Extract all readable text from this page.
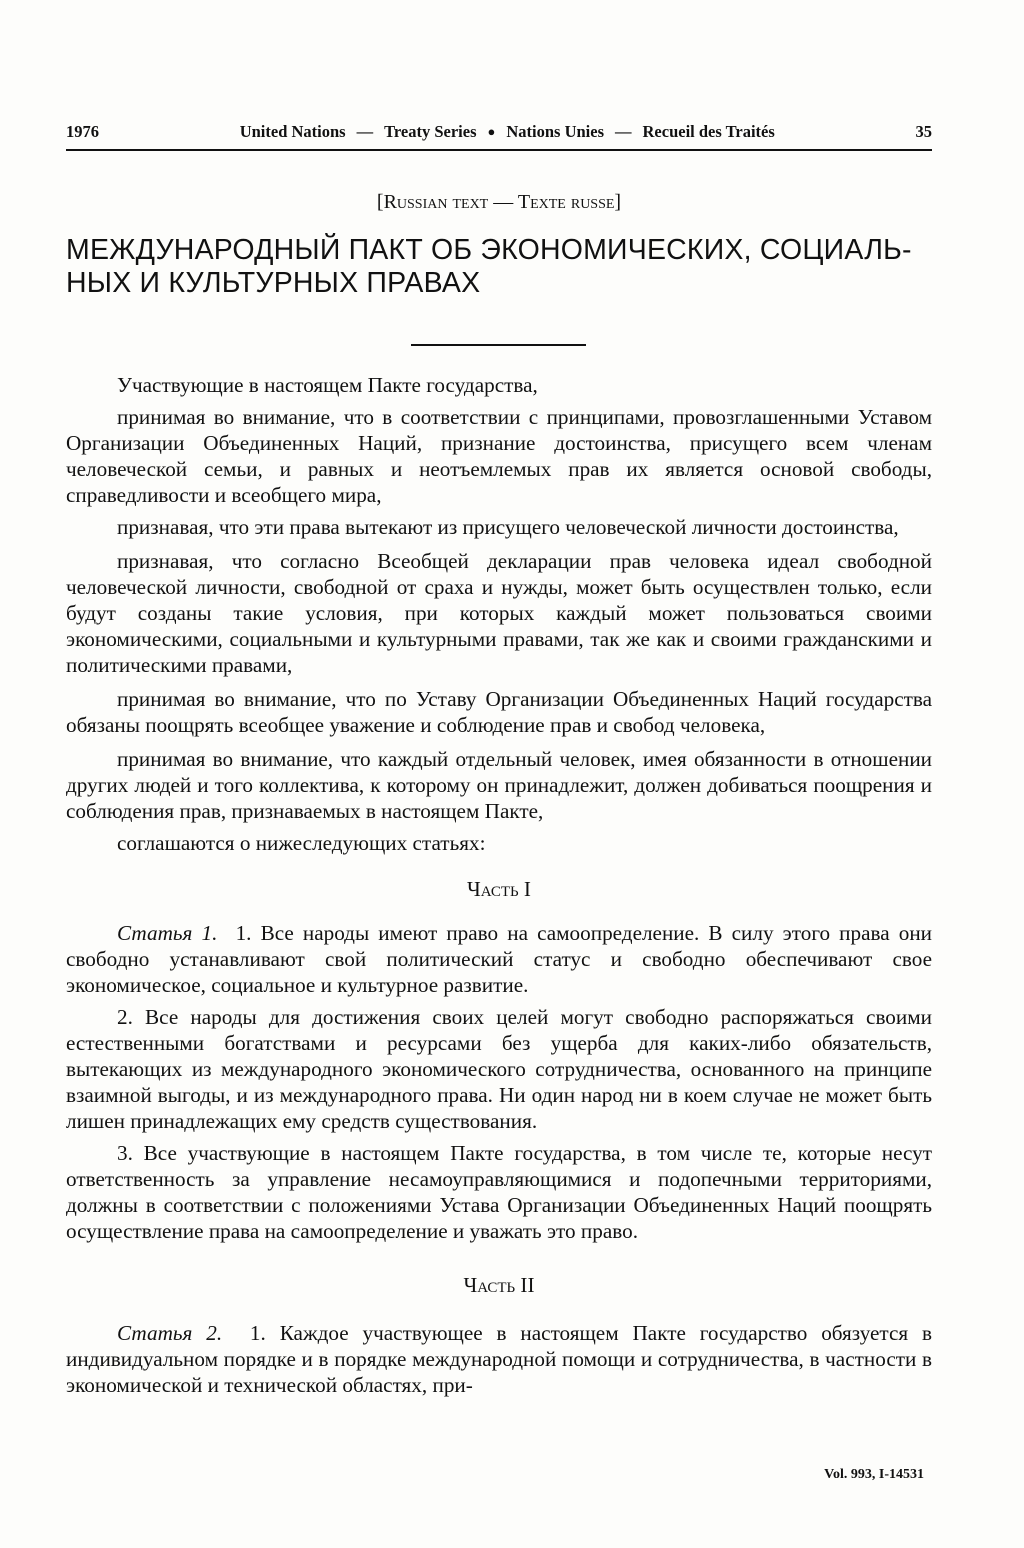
1976	United Nations — Treaty Series ● Nations Unies — Recueil des Traités	35
[Russian text — Texte russe]
МЕЖДУНАРОДНЫЙ ПАКТ ОБ ЭКОНОМИЧЕСКИХ, СОЦИАЛЬ-НЫХ И КУЛЬТУРНЫХ ПРАВАХ

Участвующие в настоящем Пакте государства,

принимая во внимание, что в соответствии с принципами, провозглашенными Уставом Организации Объединенных Наций, признание достоинства, присущего всем членам человеческой семьи, и равных и неотъемлемых прав их является основой свободы, справедливости и всеобщего мира,

признавая, что эти права вытекают из присущего человеческой личности достоинства,

признавая, что согласно Всеобщей декларации прав человека идеал свободной человеческой личности, свободной от сраха и нужды, может быть осуществлен только, если будут созданы такие условия, при которых каждый может пользоваться своими экономическими, социальными и культурными правами, так же как и своими гражданскими и политическими правами,

принимая во внимание, что по Уставу Организации Объединенных Наций государства обязаны поощрять всеобщее уважение и соблюдение прав и свобод человека,

принимая во внимание, что каждый отдельный человек, имея обязанности в отношении других людей и того коллектива, к которому он принадлежит, должен добиваться поощрения и соблюдения прав, признаваемых в настоящем Пакте,

соглашаются о нижеследующих статьях:

Часть I

Статья 1. 1. Все народы имеют право на самоопределение. В силу этого права они свободно устанавливают свой политический статус и свободно обеспечивают свое экономическое, социальное и культурное развитие.

2. Все народы для достижения своих целей могут свободно распоряжаться своими естественными богатствами и ресурсами без ущерба для каких-либо обязательств, вытекающих из международного экономического сотрудничества, основанного на принципе взаимной выгоды, и из международного права. Ни один народ ни в коем случае не может быть лишен принадлежащих ему средств существования.

3. Все участвующие в настоящем Пакте государства, в том числе те, которые несут ответственность за управление несамоуправляющимися и подопечными территориями, должны в соответствии с положениями Устава Организации Объединенных Наций поощрять осуществление права на самоопределение и уважать это право.

Часть II

Статья 2. 1. Каждое участвующее в настоящем Пакте государство обязуется в индивидуальном порядке и в порядке международной помощи и сотрудничества, в частности в экономической и технической областях, при-

Vol. 993, I-14531
